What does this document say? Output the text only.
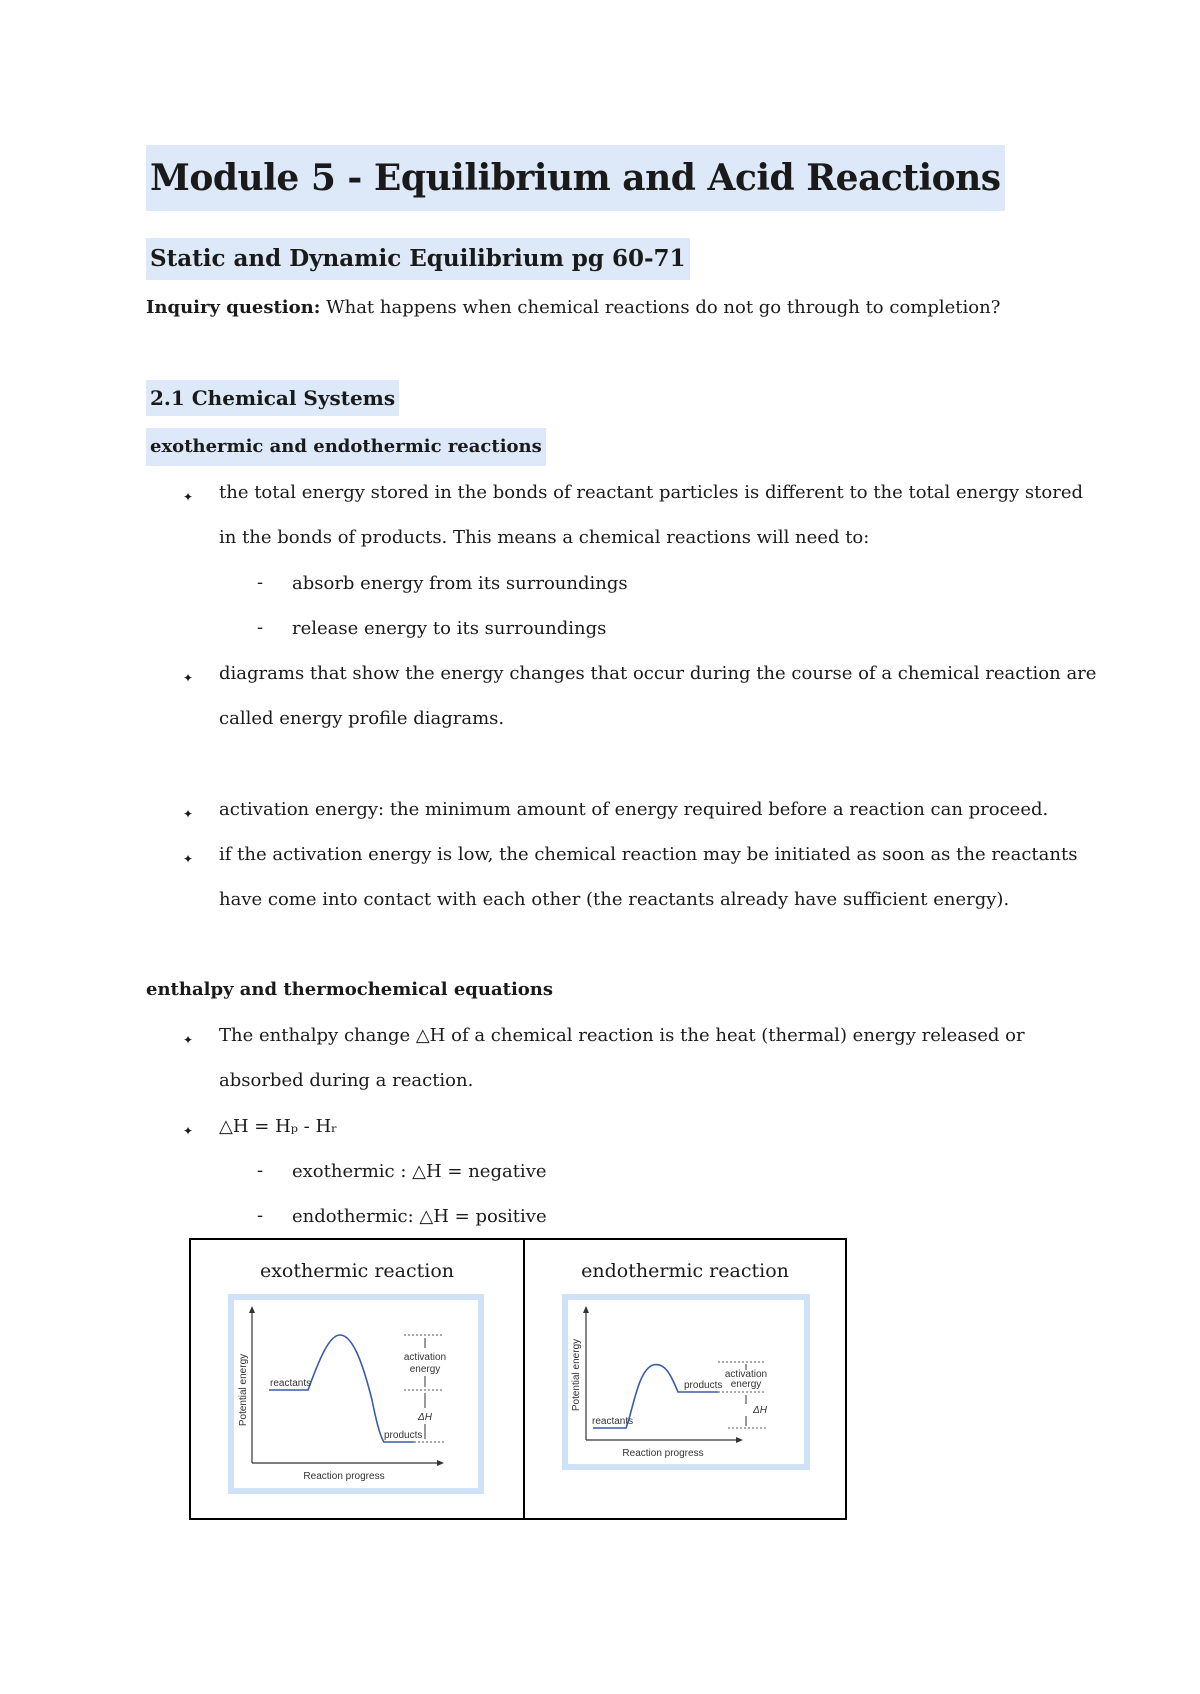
Module 5 - Equilibrium and Acid Reactions
Static and Dynamic Equilibrium pg 60-71
Inquiry question: What happens when chemical reactions do not go through to completion?
2.1 Chemical Systems
exothermic and endothermic reactions
✦ the total energy stored in the bonds of reactant particles is different to the total energy stored
in the bonds of products. This means a chemical reactions will need to:
- absorb energy from its surroundings
- release energy to its surroundings
✦ diagrams that show the energy changes that occur during the course of a chemical reaction are
called energy profile diagrams.
✦ activation energy: the minimum amount of energy required before a reaction can proceed.
✦ if the activation energy is low, the chemical reaction may be initiated as soon as the reactants
have come into contact with each other (the reactants already have sufficient energy).
enthalpy and thermochemical equations
✦ The enthalpy change △H of a chemical reaction is the heat (thermal) energy released or
absorbed during a reaction.
✦ △H = Hₚ - Hᵣ
- exothermic : △H = negative
- endothermic: △H = positive
exothermic reaction	endothermic reaction
reactants
products
activation
energy
ΔH
Potential energy
Reaction progress
reactants
products
activation
energy
ΔH
Potential energy
Reaction progress
